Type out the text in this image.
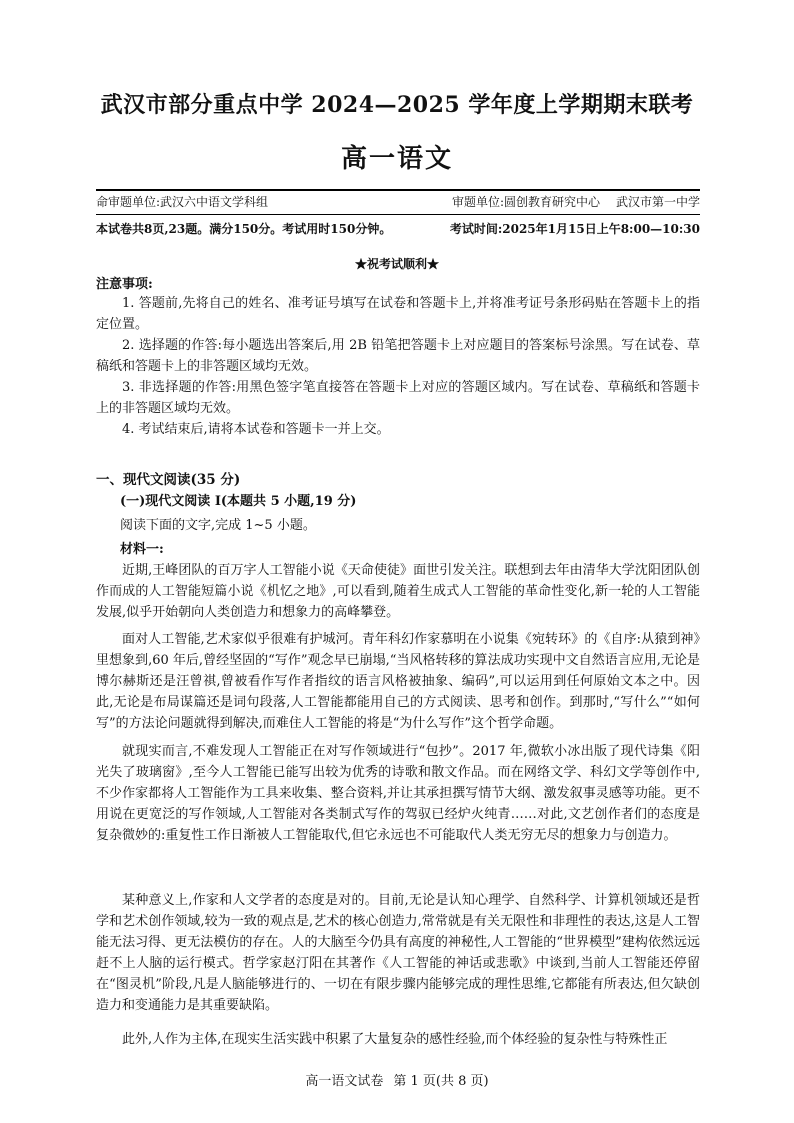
武汉市部分重点中学 2024—2025 学年度上学期期末联考
高一语文
命审题单位:武汉六中语文学科组	审题单位:圆创教育研究中心 武汉市第一中学
本试卷共8页,23题。满分150分。考试用时150分钟。	考试时间:2025年1月15日上午8:00—10:30
★祝考试顺利★
注意事项:

1. 答题前,先将自己的姓名、准考证号填写在试卷和答题卡上,并将准考证号条形码贴在答题卡上的指定位置。

2. 选择题的作答:每小题选出答案后,用 2B 铅笔把答题卡上对应题目的答案标号涂黑。写在试卷、草稿纸和答题卡上的非答题区域均无效。

3. 非选择题的作答:用黑色签字笔直接答在答题卡上对应的答题区域内。写在试卷、草稿纸和答题卡上的非答题区域均无效。

4. 考试结束后,请将本试卷和答题卡一并上交。

一、现代文阅读(35 分)
(一)现代文阅读 I(本题共 5 小题,19 分)
阅读下面的文字,完成 1~5 小题。
材料一:

近期,王峰团队的百万字人工智能小说《天命使徒》面世引发关注。联想到去年由清华大学沈阳团队创作而成的人工智能短篇小说《机忆之地》,可以看到,随着生成式人工智能的革命性变化,新一轮的人工智能发展,似乎开始朝向人类创造力和想象力的高峰攀登。

面对人工智能,艺术家似乎很难有护城河。青年科幻作家慕明在小说集《宛转环》的《自序:从猿到神》里想象到,60 年后,曾经坚固的“写作”观念早已崩塌,“当风格转移的算法成功实现中文自然语言应用,无论是博尔赫斯还是汪曾祺,曾被看作写作者指纹的语言风格被抽象、编码”,可以运用到任何原始文本之中。因此,无论是布局谋篇还是词句段落,人工智能都能用自己的方式阅读、思考和创作。到那时,“写什么”“如何写”的方法论问题就得到解决,而难住人工智能的将是“为什么写作”这个哲学命题。

就现实而言,不难发现人工智能正在对写作领域进行“包抄”。2017 年,微软小冰出版了现代诗集《阳光失了玻璃窗》,至今人工智能已能写出较为优秀的诗歌和散文作品。而在网络文学、科幻文学等创作中,不少作家都将人工智能作为工具来收集、整合资料,并让其承担撰写情节大纲、激发叙事灵感等功能。更不用说在更宽泛的写作领域,人工智能对各类制式写作的驾驭已经炉火纯青……对此,文艺创作者们的态度是复杂微妙的:重复性工作日渐被人工智能取代,但它永远也不可能取代人类无穷无尽的想象力与创造力。

某种意义上,作家和人文学者的态度是对的。目前,无论是认知心理学、自然科学、计算机领域还是哲学和艺术创作领域,较为一致的观点是,艺术的核心创造力,常常就是有关无限性和非理性的表达,这是人工智能无法习得、更无法模仿的存在。人的大脑至今仍具有高度的神秘性,人工智能的“世界模型”建构依然远远赶不上人脑的运行模式。哲学家赵汀阳在其著作《人工智能的神话或悲歌》中谈到,当前人工智能还停留在“图灵机”阶段,凡是人脑能够进行的、一切在有限步骤内能够完成的理性思维,它都能有所表达,但欠缺创造力和变通能力是其重要缺陷。

此外,人作为主体,在现实生活实践中积累了大量复杂的感性经验,而个体经验的复杂性与特殊性正

高一语文试卷 第 1 页(共 8 页)
